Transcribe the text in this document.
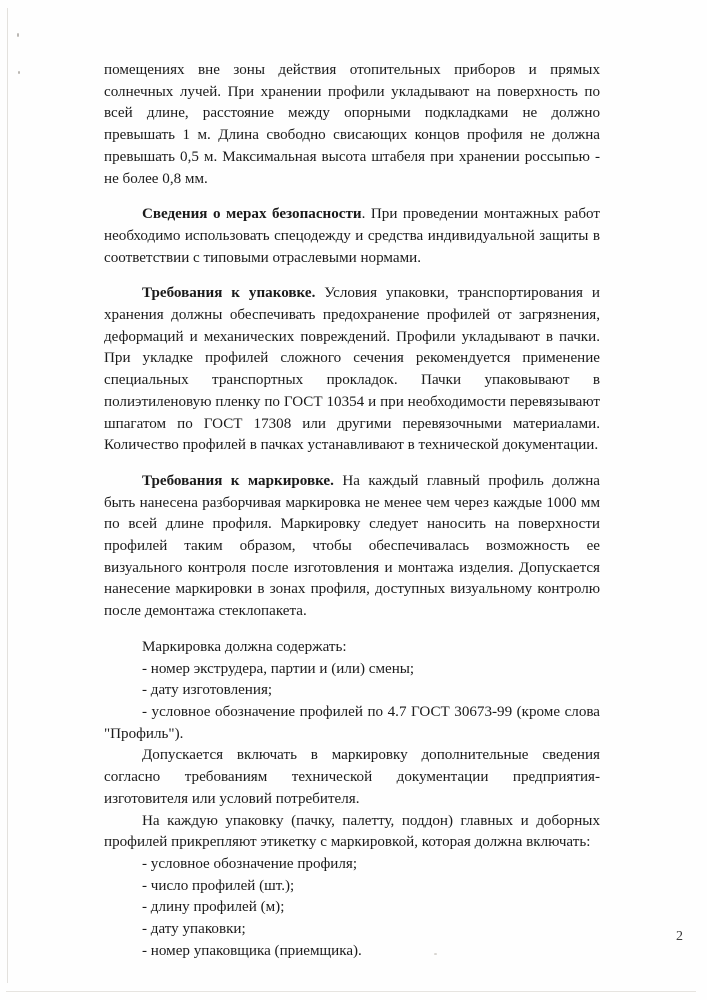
помещениях вне зоны действия отопительных приборов и прямых солнечных лучей. При хранении профили укладывают на поверхность по всей длине, расстояние между опорными подкладками не должно превышать 1 м. Длина свободно свисающих концов профиля не должна превышать 0,5 м. Максимальная высота штабеля при хранении россыпью - не более 0,8 мм.

Сведения о мерах безопасности. При проведении монтажных работ необходимо использовать спецодежду и средства индивидуальной защиты в соответствии с типовыми отраслевыми нормами.

Требования к упаковке. Условия упаковки, транспортирования и хранения должны обеспечивать предохранение профилей от загрязнения, деформаций и механических повреждений. Профили укладывают в пачки. При укладке профилей сложного сечения рекомендуется применение специальных транспортных прокладок. Пачки упаковывают в полиэтиленовую пленку по ГОСТ 10354 и при необходимости перевязывают шпагатом по ГОСТ 17308 или другими перевязочными материалами. Количество профилей в пачках устанавливают в технической документации.

Требования к маркировке. На каждый главный профиль должна быть нанесена разборчивая маркировка не менее чем через каждые 1000 мм по всей длине профиля. Маркировку следует наносить на поверхности профилей таким образом, чтобы обеспечивалась возможность ее визуального контроля после изготовления и монтажа изделия. Допускается нанесение маркировки в зонах профиля, доступных визуальному контролю после демонтажа стеклопакета.

Маркировка должна содержать:

- номер экструдера, партии и (или) смены;
- дату изготовления;
- условное обозначение профилей по 4.7 ГОСТ 30673-99 (кроме слова "Профиль").

Допускается включать в маркировку дополнительные сведения согласно требованиям технической документации предприятия-изготовителя или условий потребителя.

На каждую упаковку (пачку, палетту, поддон) главных и доборных профилей прикрепляют этикетку с маркировкой, которая должна включать:

- условное обозначение профиля;
- число профилей (шт.);
- длину профилей (м);
- дату упаковки;
- номер упаковщика (приемщика).
2
